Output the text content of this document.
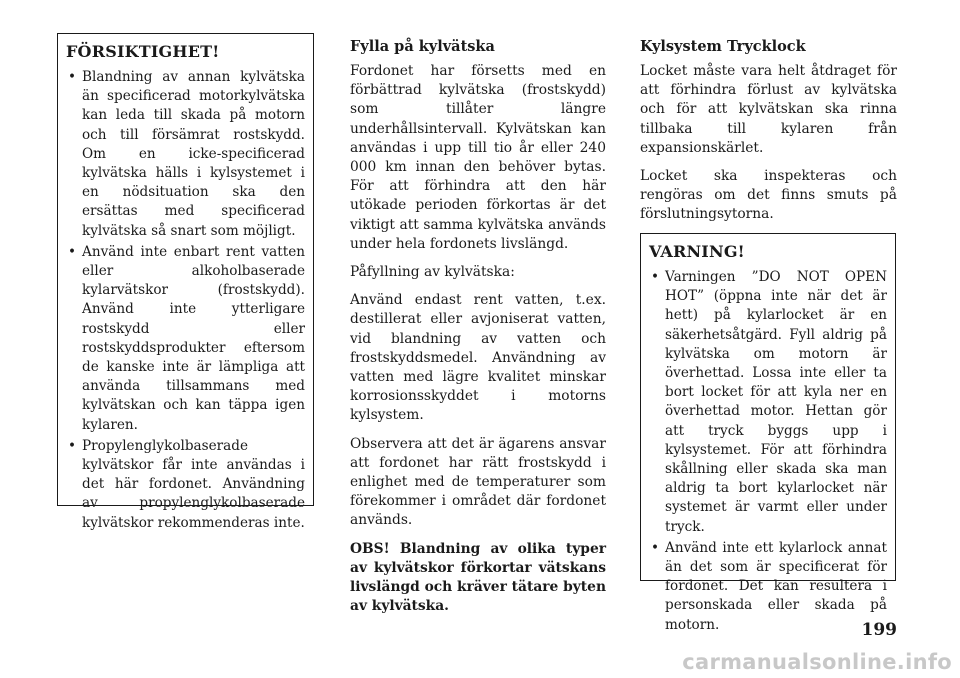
FÖRSIKTIGHET!
• Blandning av annan kylvätska än specificerad motorkylvätska kan leda till skada på motorn och till försämrat rostskydd. Om en icke-specificerad kylvätska hälls i kylsystemet i en nödsituation ska den ersättas med specificerad kylvätska så snart som möjligt.
• Använd inte enbart rent vatten eller alkoholbaserade kylarvätskor (frostskydd). Använd inte ytterligare rostskydd eller rostskyddsprodukter eftersom de kanske inte är lämpliga att använda tillsammans med kylvätskan och kan täppa igen kylaren.
• Propylenglykolbaserade kylvätskor får inte användas i det här fordonet. Användning av propylenglykolbaserade kylvätskor rekommenderas inte.
Fylla på kylvätska

Fordonet har försetts med en förbättrad kylvätska (frostskydd) som tillåter längre underhållsintervall. Kylvätskan kan användas i upp till tio år eller 240 000 km innan den behöver bytas. För att förhindra att den här utökade perioden förkortas är det viktigt att samma kylvätska används under hela fordonets livslängd.

Påfyllning av kylvätska:

Använd endast rent vatten, t.ex. destillerat eller avjoniserat vatten, vid blandning av vatten och frostskyddsmedel. Användning av vatten med lägre kvalitet minskar korrosionsskyddet i motorns kylsystem.

Observera att det är ägarens ansvar att fordonet har rätt frostskydd i enlighet med de temperaturer som förekommer i området där fordonet används.

OBS! Blandning av olika typer av kylvätskor förkortar vätskans livslängd och kräver tätare byten av kylvätska.

Kylsystem Trycklock

Locket måste vara helt åtdraget för att förhindra förlust av kylvätska och för att kylvätskan ska rinna tillbaka till kylaren från expansionskärlet.

Locket ska inspekteras och rengöras om det finns smuts på förslutningsytorna.

VARNING!
• Varningen ”DO NOT OPEN HOT” (öppna inte när det är hett) på kylarlocket är en säkerhetsåtgärd. Fyll aldrig på kylvätska om motorn är överhettad. Lossa inte eller ta bort locket för att kyla ner en överhettad motor. Hettan gör att tryck byggs upp i kylsystemet. För att förhindra skållning eller skada ska man aldrig ta bort kylarlocket när systemet är varmt eller under tryck.
• Använd inte ett kylarlock annat än det som är specificerat för fordonet. Det kan resultera i personskada eller skada på motorn.	199
carmanualsonline.info
